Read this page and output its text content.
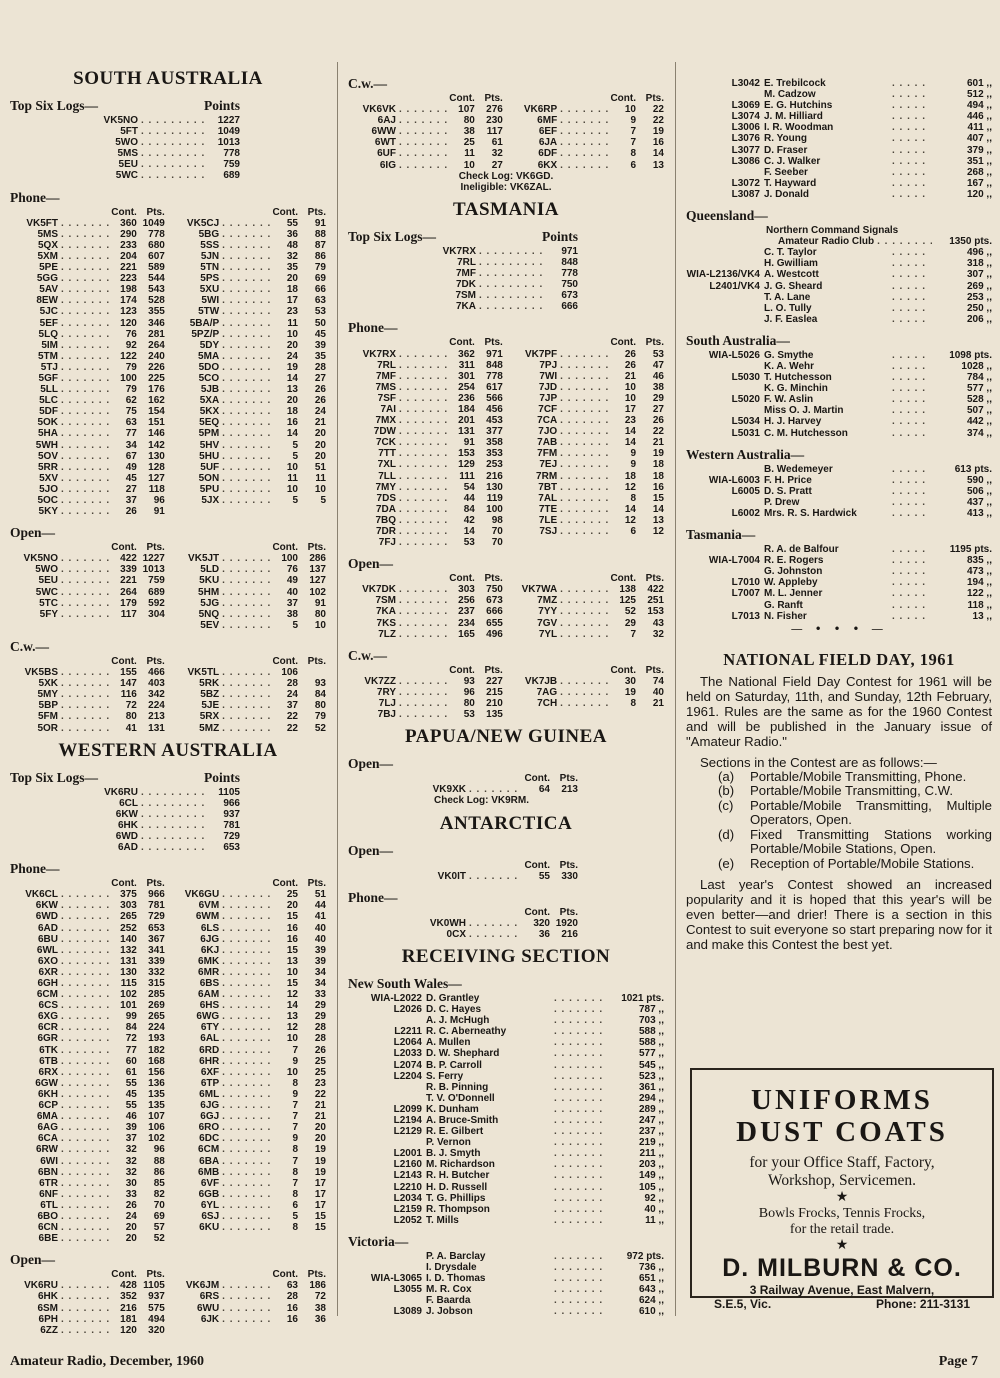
SOUTH AUSTRALIA
Top Six Logs—	Points
VK5NO . . .	1227
5FT . . .	1049
5WO . . .	1013
5MS . . .	778
5EU . . .	759
5WC . . .	689
Phone—
Cont. Pts.
VK5FT . . .	360 1049
5MS . . .	290	778
5QX . . .	233	680
5XM . . .	204	607
5PE . . .	221	589
5GG . . .	223	544
5AV . . .	198	543
8EW . . .	174	528
5JC . . .	123	355
5EF . . .	120	346
5LQ . . .	76	281
5IM . . .	92	264
5TM . . .	122	240
5TJ . . .	79	226
5GF . . .	100	225
5LL . . .	79	176
5LC . . .	62	162
5DF . . .	75	154
5OK . . .	63	151
5HA . . .	77	146
5WH . . .	34	142
5OV . . .	67	130
5RR . . .	49	128
5XV . . .	45	127
5JO . . .	27	118
5OC . . .	37	96
5KY . . .	26	91
Cont. Pts.
VK5CJ . . .	55	91
5BG . . .	36	88
5SS . . .	48	87
5JN . . .	32	86
5TN . . .	35	79
5PS . . .	20	69
5XU . . .	18	66
5WI . . .	17	63
5TW . . .	23	53
5BA/P . . .	11	50
5PZ/P . . .	10	45
5DY . . .	20	39
5MA . . .	24	35
5DO . . .	19	28
5CO . . .	14	27
5JB . . .	13	26
5XA . . .	20	26
5KX . . .	18	24
5EQ . . .	16	21
5PM . . .	14	20
5HV . . .	5	20
5HU . . .	5	20
5UF . . .	10	51
5ON . . .	11	11
5PU . . .	10	10
5JX . . .	5	5
Open—
Cont. Pts.
VK5NO . . .	422 1227
5WO . . .	339 1013
5EU . . .	221	759
5WC . . .	264	689
5TC . . .	179	592
5FY . . .	117	304
Cont. Pts.
VK5JT . . .	100	286
5LD . . .	76	137
5KU . . .	49	127
5HM . . .	40	102
5JG . . .	37	91
5NQ . . .	38	80
5EV . . .	5	10
C.w.—
Cont. Pts.
VK5BS . . .	155	466
5XK . . .	147	403
5MY . . .	116	342
5BP . . .	72	224
5FM . . .	80	213
5OR . . .	41	131
Cont. Pts.
VK5TL . . .	106
5RK . . .	28	93
5BZ . . .	24	84
5JE . . .	37	80
5RX . . .	22	79
5MZ . . .	22	52
WESTERN AUSTRALIA
Top Six Logs—	Points
VK6RU . . .	1105
6CL . . .	966
6KW . . .	937
6HK . . .	781
6WD . . .	729
6AD . . .	653
Phone—
Cont. Pts.
VK6CL . . .	375	966
6KW . . .	303	781
6WD . . .	265	729
6AD . . .	252	653
6BU . . .	140	367
6WL . . .	132	341
6XO . . .	131	339
6XR . . .	130	332
6GH . . .	115	315
6CM . . .	102	285
6CS . . .	101	269
6XG . . .	99	265
6CR . . .	84	224
6GR . . .	72	193
6TK . . .	77	182
6TB . . .	60	168
6RX . . .	61	156
6GW . . .	55	136
6KH . . .	45	135
6CP . . .	55	135
6MA . . .	46	107
6AG . . .	39	106
6CA . . .	37	102
6RW . . .	32	96
6WI . . .	32	88
6BN . . .	32	86
6TR . . .	30	85
6NF . . .	33	82
6TL . . .	26	70
6BO . . .	24	69
6CN . . .	20	57
6BE . . .	20	52
Cont. Pts.
VK6GU . . .	25	51
6VM . . .	20	44
6WM . . .	15	41
6LS . . .	16	40
6JG . . .	16	40
6KJ . . .	15	39
6MK . . .	13	39
6MR . . .	10	34
6BS . . .	15	34
6AM . . .	12	33
6HS . . .	14	29
6WG . . .	13	29
6TY . . .	12	28
6AL . . .	10	28
6RD . . .	7	26
6HR . . .	9	25
6XF . . .	10	25
6TP . . .	8	23
6ML . . .	9	22
6JG . . .	7	21
6GJ . . .	7	21
6RO . . .	7	20
6DC . . .	9	20
6CM . . .	8	19
6BA . . .	7	19
6MB . . .	8	19
6VF . . .	7	17
6GB . . .	8	17
6YL . . .	6	17
6SJ . . .	5	15
6KU . . .	8	15
Open—
Cont. Pts.
VK6RU . . .	428 1105
6HK . . .	352	937
6SM . . .	216	575
6PH . . .	181	494
6ZZ . . .	120	320
Cont. Pts.
VK6JM . . .	63	186
6RS . . .	28	72
6WU . . .	16	38
6JK . . .	16	36
C.w.—
Cont. Pts.
VK6VK . . .	107	276
6AJ . . .	80	230
6WW . . .	38	117
6WT . . .	25	61
6UF . . .	11	32
6IG . . .	10	27
Cont. Pts.
VK6RP . . .	10	22
6MF . . .	9	22
6EF . . .	7	19
6JA . . .	7	16
6DF . . .	8	14
6KX . . .	6	13
Check Log: VK6GD.
Ineligible: VK6ZAL.
TASMANIA
Top Six Logs—	Points
VK7RX . . .	971
7RL . . .	848
7MF . . .	778
7DK . . .	750
7SM . . .	673
7KA . . .	666
Phone—
Cont. Pts.
VK7RX . . .	362	971
7RL . . .	311	848
7MF . . .	301	778
7MS . . .	254	617
7SF . . .	236	566
7AI . . .	184	456
7MX . . .	201	453
7DW . . .	131	377
7CK . . .	91	358
7TT . . .	153	353
7XL . . .	129	253
7LL . . .	111	216
7MY . . .	54	130
7DS . . .	44	119
7DA . . .	84	100
7BQ . . .	42	98
7DR . . .	14	70
7FJ . . .	53	70
Cont. Pts.
VK7PF . . .	26	53
7PJ . . .	26	47
7WI . . .	21	46
7JD . . .	10	38
7JP . . .	10	29
7CF . . .	17	27
7CA . . .	23	26
7JO . . .	14	22
7AB . . .	14	21
7FM . . .	9	19
7EJ . . .	9	18
7RM . . .	18	18
7BT . . .	12	16
7AL . . .	8	15
7TE . . .	14	14
7LE . . .	12	13
7SJ . . .	6	12
Open—
Cont. Pts.
VK7DK . . .	303	750
7SM . . .	256	673
7KA . . .	237	666
7KS . . .	234	655
7LZ . . .	165	496
Cont. Pts.
VK7WA . . .	138	422
7MZ . . .	125	251
7YY . . .	52	153
7GV . . .	29	43
7YL . . .	7	32
C.w.—
Cont. Pts.
VK7ZZ . . .	93	227
7RY . . .	96	215
7LJ . . .	80	210
7BJ . . .	53	135
Cont. Pts.
VK7JB . . .	30	74
7AG . . .	19	40
7CH . . .	8	21
PAPUA/NEW GUINEA
Open—
Cont. Pts.
VK9XK . . .	64	213
Check Log: VK9RM.
ANTARCTICA
Open—
Cont. Pts.
VK0IT . . .	55	330
Phone—
Cont. Pts.
VK0WH . . .	320 1920
0CX . . .	36	216
RECEIVING SECTION
New South Wales—
WIA-L2022 D. Grantley . . .	1021 pts.
L2026 D. C. Hayes . . .	787 ,,
A. J. McHugh . . .	703 ,,
L2211 R. C. Aberneathy . . .	588 ,,
L2064 A. Mullen . . .	588 ,,
L2033 D. W. Shephard . . .	577 ,,
L2074 B. P. Carroll . . .	545 ,,
L2204 S. Ferry . . .	523 ,,
R. B. Pinning . . .	361 ,,
T. V. O'Donnell . . .	294 ,,
L2099 K. Dunham . . .	289 ,,
L2194 A. Bruce-Smith . . .	247 ,,
L2129 R. E. Gilbert . . .	237 ,,
P. Vernon . . .	219 ,,
L2001 B. J. Smyth . . .	211 ,,
L2160 M. Richardson . . .	203 ,,
L2143 R. H. Butcher . . .	149 ,,
L2210 H. D. Russell . . .	105 ,,
L2034 T. G. Phillips . . .	92 ,,
L2159 R. Thompson . . .	40 ,,
L2052 T. Mills . . .	11 ,,
Victoria—
P. A. Barclay . . .	972 pts.
I. Drysdale . . .	736 ,,
WIA-L3065 I. D. Thomas . . .	651 ,,
L3055 M. R. Cox . . .	643 ,,
F. Baarda . . .	624 ,,
L3089 J. Jobson . . .	610 ,,
L3042 E. Trebilcock . . .	601 ,,
M. Cadzow . . .	512 ,,
L3069 E. G. Hutchins . . .	494 ,,
L3074 J. M. Hilliard . . .	446 ,,
L3006 I. R. Woodman . . .	411 ,,
L3076 R. Young . . .	407 ,,
L3077 D. Fraser . . .	379 ,,
L3086 C. J. Walker . . .	351 ,,
F. Seeber . . .	268 ,,
L3072 T. Hayward . . .	167 ,,
L3087 J. Donald . . .	120 ,,
Queensland—
Northern Command Signals
Amateur Radio Club . . .	1350 pts.
C. T. Taylor . . .	496 ,,
H. Gwilliam . . .	318 ,,
WIA-L2136/VK4 A. Westcott . . .	307 ,,
L2401/VK4 J. G. Sheard . . .	269 ,,
T. A. Lane . . .	253 ,,
L. O. Tully . . .	250 ,,
J. F. Easlea . . .	206 ,,
South Australia—
WIA-L5026 G. Smythe . . .	1098 pts.
K. A. Wehr . . .	1028 ,,
L5030 T. Hutchesson . . .	784 ,,
K. G. Minchin . . .	577 ,,
L5020 F. W. Aslin . . .	528 ,,
Miss O. J. Martin . . .	507 ,,
L5034 H. J. Harvey . . .	442 ,,
L5031 C. M. Hutchesson . . .	374 ,,
Western Australia—
B. Wedemeyer . . .	613 pts.
WIA-L6003 F. H. Price . . .	590 ,,
L6005 D. S. Pratt . . .	506 ,,
P. Drew . . .	437 ,,
L6002 Mrs. R. S. Hardwick . . .	413 ,,
Tasmania—
R. A. de Balfour . . .	1195 pts.
WIA-L7004 R. E. Rogers . . .	835 ,,
G. Johnston . . .	473 ,,
L7010 W. Appleby . . .	194 ,,
L7007 M. L. Jenner . . .	122 ,,
G. Ranft . . .	118 ,,
L7013 N. Fisher . . .	13 ,,
— • • • —
NATIONAL FIELD DAY, 1961

The National Field Day Contest for 1961 will be held on Saturday, 11th, and Sunday, 12th February, 1961. Rules are the same as for the 1960 Contest and will be published in the January issue of "Amateur Radio."

Sections in the Contest are as follows:—

(a)	Portable/Mobile Transmitting, Phone.
(b)	Portable/Mobile Transmitting, C.W.
(c)	Portable/Mobile Transmitting, Multiple Operators, Open.
(d)	Fixed Transmitting Stations working Portable/Mobile Stations, Open.
(e)	Reception of Portable/Mobile Stations.

Last year's Contest showed an increased popularity and it is hoped that this year's will be even better—and drier! There is a section in this Contest to suit everyone so start preparing now for it and make this Contest the best yet.

UNIFORMS
DUST COATS
for your Office Staff, Factory,
Workshop, Servicemen.
★
Bowls Frocks, Tennis Frocks,
for the retail trade.
★
D. MILBURN & CO.
3 Railway Avenue, East Malvern,
S.E.5, Vic.	Phone: 211-3131
Amateur Radio, December, 1960	Page 7
